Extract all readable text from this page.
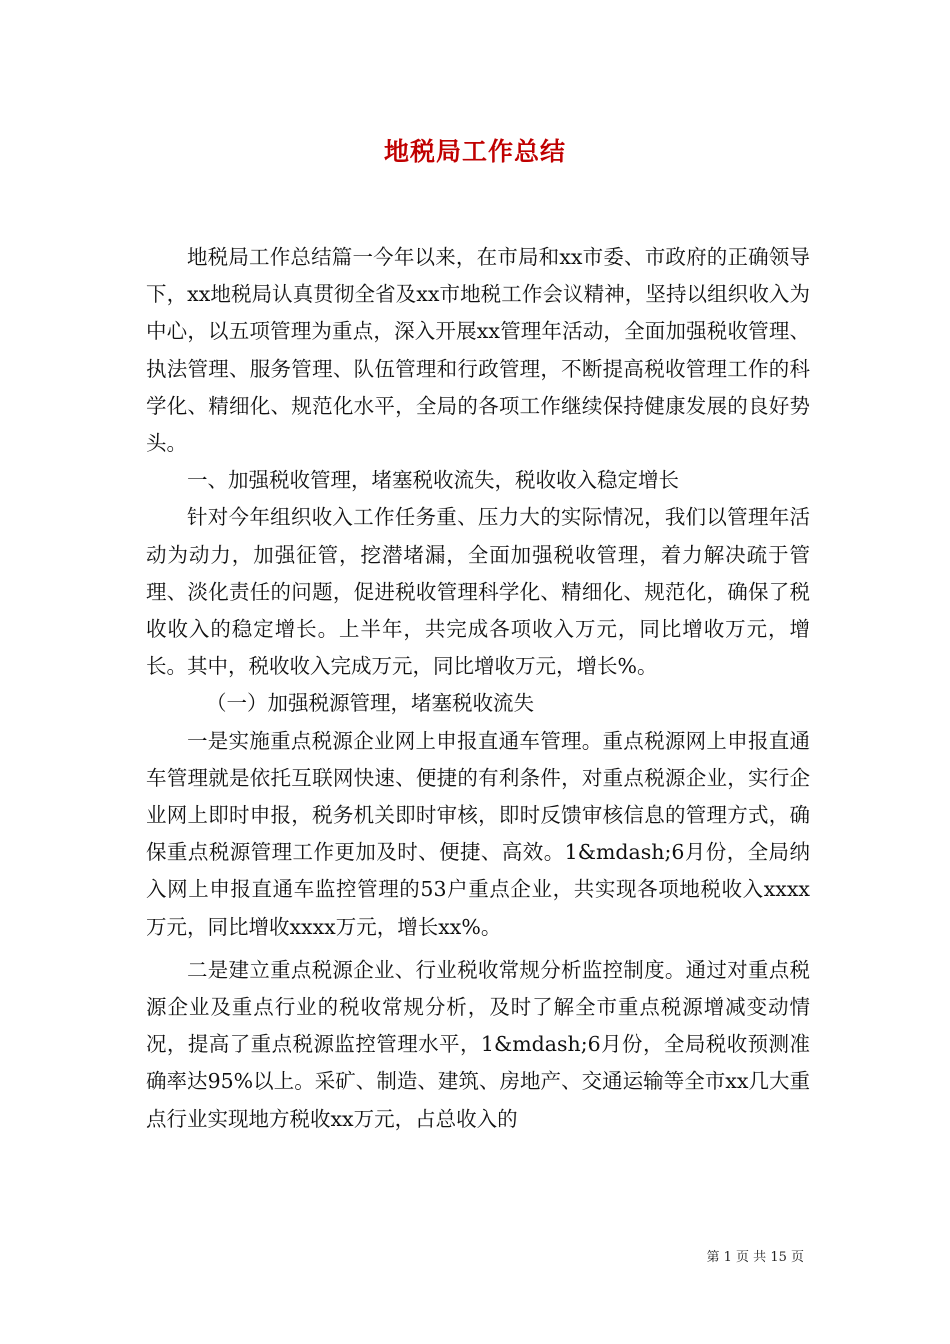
地税局工作总结

地税局工作总结篇一今年以来，在市局和xx市委、市政府的正确领导下，xx地税局认真贯彻全省及xx市地税工作会议精神，坚持以组织收入为中心，以五项管理为重点，深入开展xx管理年活动，全面加强税收管理、执法管理、服务管理、队伍管理和行政管理，不断提高税收管理工作的科学化、精细化、规范化水平，全局的各项工作继续保持健康发展的良好势头。

一、加强税收管理，堵塞税收流失，税收收入稳定增长

针对今年组织收入工作任务重、压力大的实际情况，我们以管理年活动为动力，加强征管，挖潜堵漏，全面加强税收管理，着力解决疏于管理、淡化责任的问题，促进税收管理科学化、精细化、规范化，确保了税收收入的稳定增长。上半年，共完成各项收入万元，同比增收万元，增长。其中，税收收入完成万元，同比增收万元，增长%。

（一）加强税源管理，堵塞税收流失

一是实施重点税源企业网上申报直通车管理。重点税源网上申报直通车管理就是依托互联网快速、便捷的有利条件，对重点税源企业，实行企业网上即时申报，税务机关即时审核，即时反馈审核信息的管理方式，确保重点税源管理工作更加及时、便捷、高效。1&mdash;6月份，全局纳入网上申报直通车监控管理的53户重点企业，共实现各项地税收入xxxx万元，同比增收xxxx万元，增长xx%。

二是建立重点税源企业、行业税收常规分析监控制度。通过对重点税源企业及重点行业的税收常规分析，及时了解全市重点税源增减变动情况，提高了重点税源监控管理水平，1&mdash;6月份，全局税收预测准确率达95%以上。采矿、制造、建筑、房地产、交通运输等全市xx几大重点行业实现地方税收xx万元，占总收入的

第 1 页 共 15 页
